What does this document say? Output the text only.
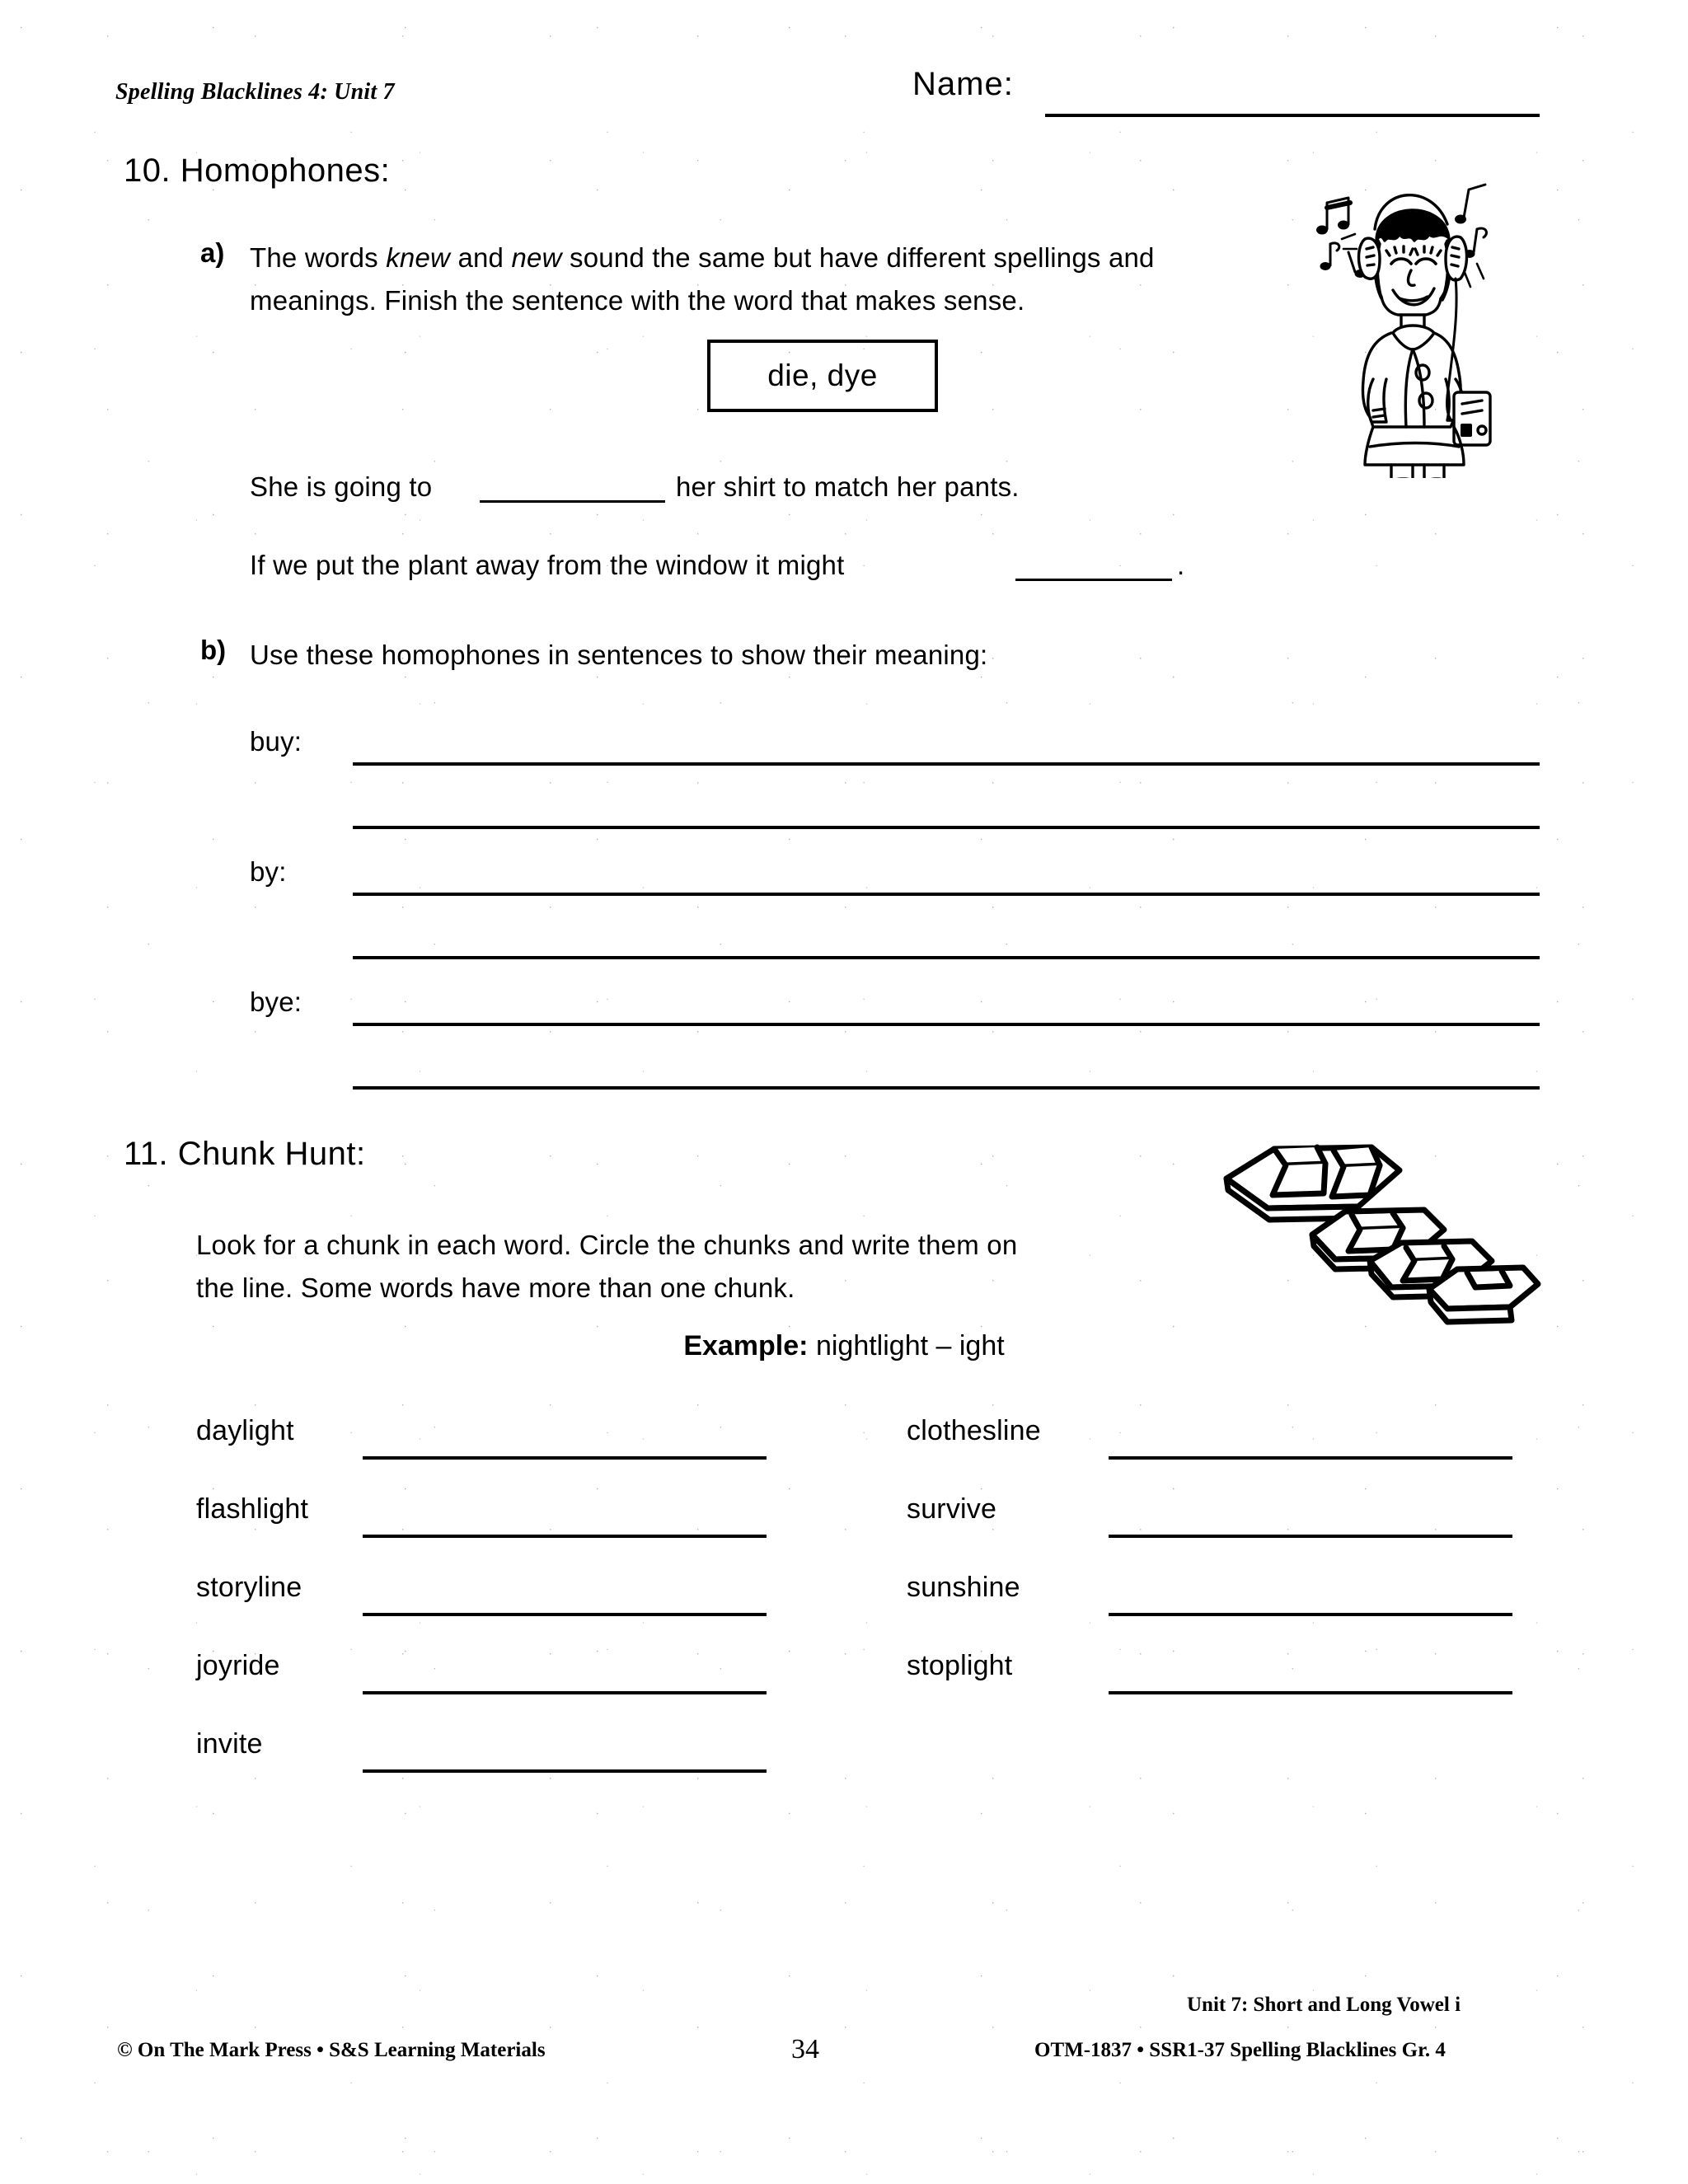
Spelling Blacklines 4: Unit 7	Name:
10. Homophones:
a) The words knew and new sound the same but have different spellings and meanings. Finish the sentence with the word that makes sense.
die, dye
She is going to	her shirt to match her pants.
If we put the plant away from the window it might	.
b) Use these homophones in sentences to show their meaning:
buy:
by:
bye:
11. Chunk Hunt:
Look for a chunk in each word. Circle the chunks and write them on
the line. Some words have more than one chunk.
Example: nightlight – ight
daylight
flashlight
storyline
joyride
invite
clothesline
survive
sunshine
stoplight
© On The Mark Press • S&S Learning Materials	34
Unit 7: Short and Long Vowel i
OTM-1837 • SSR1-37 Spelling Blacklines Gr. 4
